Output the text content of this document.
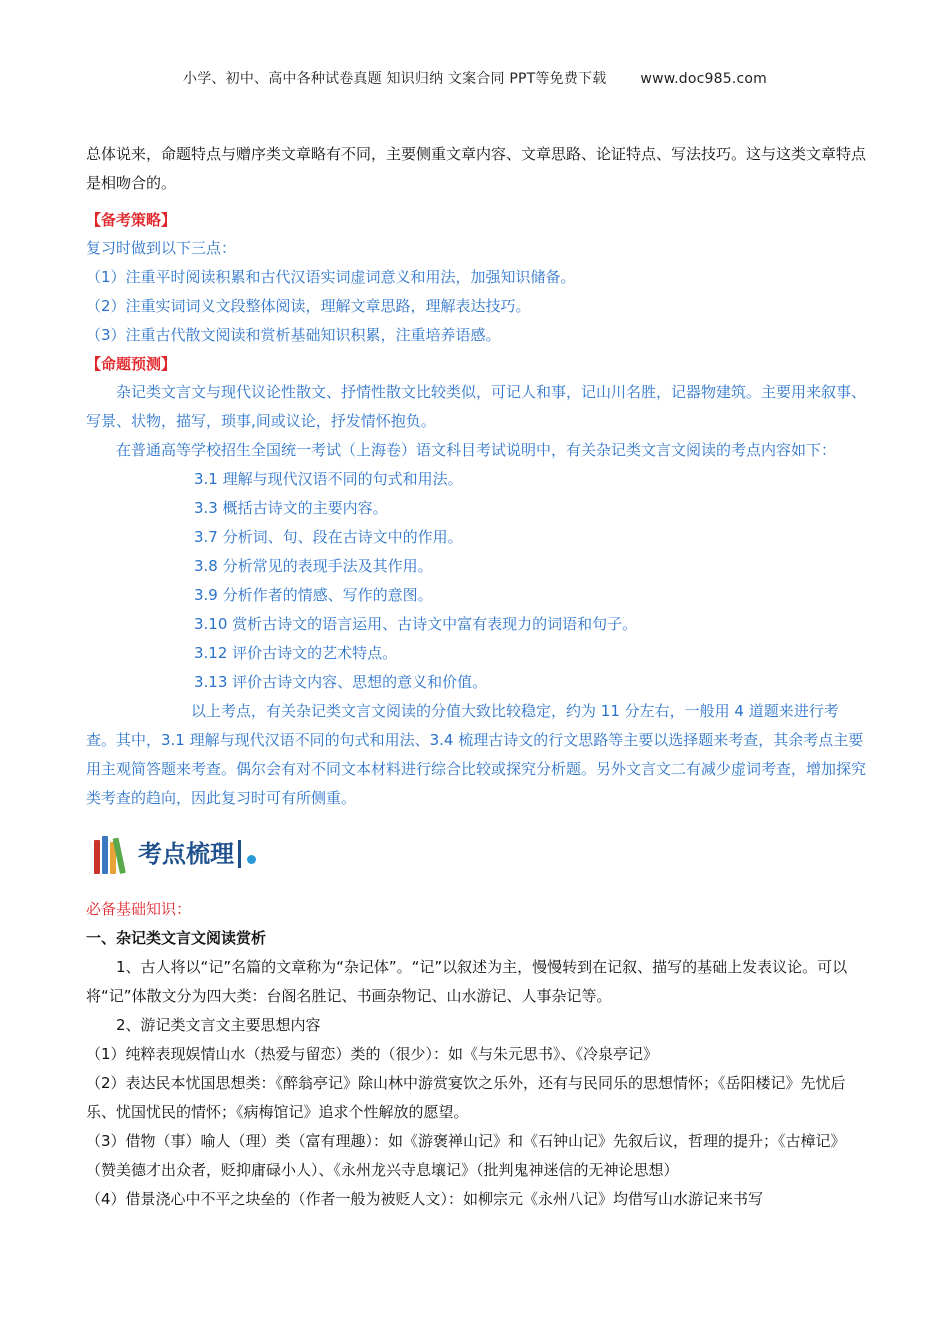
小学、初中、高中各种试卷真题 知识归纳 文案合同 PPT等免费下载 www.doc985.com

总体说来，命题特点与赠序类文章略有不同，主要侧重文章内容、文章思路、论证特点、写法技巧。这与这类文章特点是相吻合的。

【备考策略】

复习时做到以下三点：

（1）注重平时阅读积累和古代汉语实词虚词意义和用法，加强知识储备。

（2）注重实词词义文段整体阅读，理解文章思路，理解表达技巧。

（3）注重古代散文阅读和赏析基础知识积累，注重培养语感。

【命题预测】

杂记类文言文与现代议论性散文、抒情性散文比较类似，可记人和事，记山川名胜，记器物建筑。主要用来叙事、写景、状物，描写，琐事,间或议论，抒发情怀抱负。

在普通高等学校招生全国统一考试（上海卷）语文科目考试说明中，有关杂记类文言文阅读的考点内容如下：

3.1 理解与现代汉语不同的句式和用法。

3.3 概括古诗文的主要内容。

3.7 分析词、句、段在古诗文中的作用。

3.8 分析常见的表现手法及其作用。

3.9 分析作者的情感、写作的意图。

3.10 赏析古诗文的语言运用、古诗文中富有表现力的词语和句子。

3.12 评价古诗文的艺术特点。

3.13 评价古诗文内容、思想的意义和价值。

以上考点，有关杂记类文言文阅读的分值大致比较稳定，约为 11 分左右，一般用 4 道题来进行考查。其中，3.1 理解与现代汉语不同的句式和用法、3.4 梳理古诗文的行文思路等主要以选择题来考查，其余考点主要用主观简答题来考查。偶尔会有对不同文本材料进行综合比较或探究分析题。另外文言文二有减少虚词考查，增加探究类考查的趋向，因此复习时可有所侧重。

考点梳理

必备基础知识：

一、杂记类文言文阅读赏析

1、古人将以“记”名篇的文章称为“杂记体”。“记”以叙述为主，慢慢转到在记叙、描写的基础上发表议论。可以将“记”体散文分为四大类：台阁名胜记、书画杂物记、山水游记、人事杂记等。

2、游记类文言文主要思想内容

（1）纯粹表现娱情山水（热爱与留恋）类的（很少）：如《与朱元思书》、《冷泉亭记》

（2）表达民本忧国思想类：《醉翁亭记》除山林中游赏宴饮之乐外，还有与民同乐的思想情怀；《岳阳楼记》先忧后乐、忧国忧民的情怀；《病梅馆记》追求个性解放的愿望。

（3）借物（事）喻人（理）类（富有理趣）：如《游褒禅山记》和《石钟山记》先叙后议，哲理的提升；《古樟记》（赞美德才出众者，贬抑庸碌小人）、《永州龙兴寺息壤记》（批判鬼神迷信的无神论思想）

（4）借景浇心中不平之块垒的（作者一般为被贬人文）：如柳宗元《永州八记》均借写山水游记来书写
